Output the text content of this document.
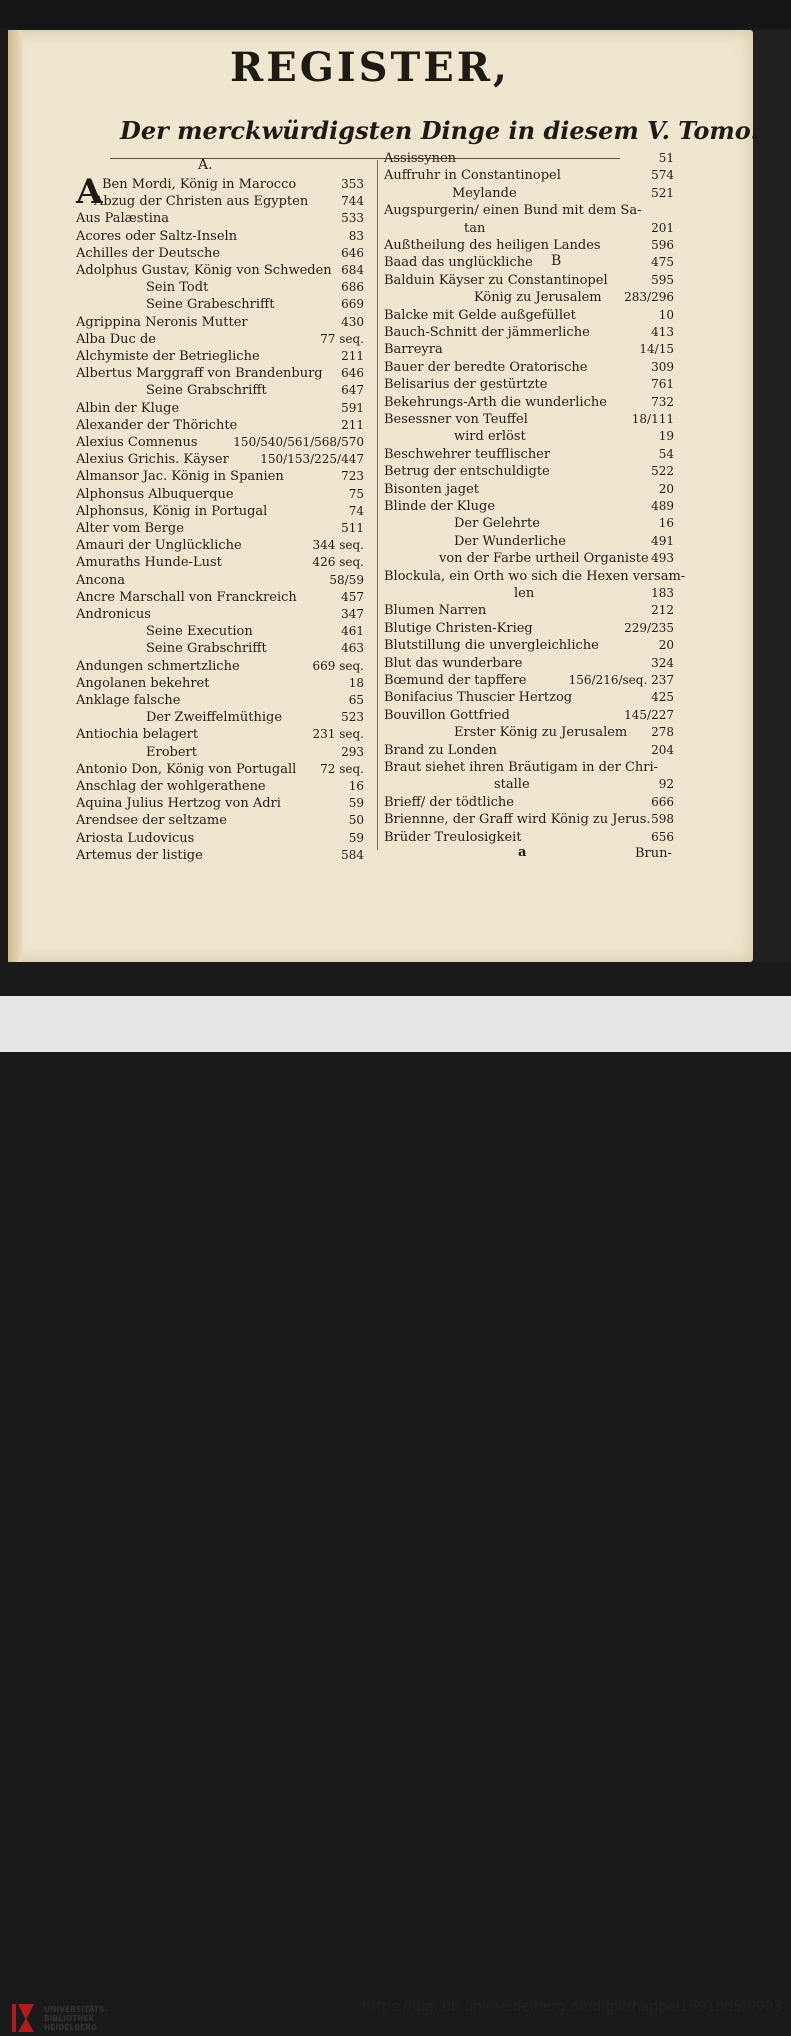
REGISTER,
Der merckwürdigsten Dinge in diesem V. Tomo.
A.
A Ben Mordi, König in Marocco	353
Abzug der Christen aus Egypten	744
Aus Palæstina	533
Acores oder Saltz-Inseln	83
Achilles der Deutsche	646
Adolphus Gustav, König von Schweden 684
Sein Todt	686
Seine Grabeschrifft	669
Agrippina Neronis Mutter	430
Alba Duc de	77 seq.
Alchymiste der Betriegliche	211
Albertus Marggraff von Brandenburg 646
Seine Grabschrifft	647
Albin der Kluge	591
Alexander der Thörichte	211
Alexius Comnenus	150/540/561/568/570
Alexius Grichis. Käyser	150/153/225/447
Almansor Jac. König in Spanien	723
Alphonsus Albuquerque	75
Alphonsus, König in Portugal	74
Alter vom Berge	511
Amauri der Unglückliche	344 seq.
Amuraths Hunde-Lust	426 seq.
Ancona	58/59
Ancre Marschall von Franckreich	457
Andronicus	347
Seine Execution	461
Seine Grabschrifft	463
Andungen schmertzliche	669 seq.
Angolanen bekehret	18
Anklage falsche	65
Der Zweiffelmüthige	523
Antiochia belagert	231 seq.
Erobert	293
Antonio Don, König von Portugall 72 seq.
Anschlag der wohlgerathene	16
Aquina Julius Hertzog von Adri	59
Arendsee der seltzame	50
Ariosta Ludovicus	59
Artemus der listige	584
Assissynen	51
Auffruhr in Constantinopel	574
Meylande	521
Augspurgerin/ einen Bund mit dem Sa-
tan	201
Außtheilung des heiligen Landes	596
Baad das unglückliche	475
Balduin Käyser zu Constantinopel	595
König zu Jerusalem 283/296
Balcke mit Gelde außgefüllet	10
Bauch-Schnitt der jämmerliche	413
Barreyra	14/15
Bauer der beredte Oratorische	309
Belisarius der gestürtzte	761
Bekehrungs-Arth die wunderliche	732
Besessner von Teuffel	18/111
wird erlöst	19
Beschwehrer teufflischer	54
Betrug der entschuldigte	522
Bisonten jaget	20
Blinde der Kluge	489
Der Gelehrte	16
Der Wunderliche	491
von der Farbe urtheil Organiste 493
Blockula, ein Orth wo sich die Hexen versam-
len	183
Blumen Narren	212
Blutige Christen-Krieg	229/235
Blutstillung die unvergleichliche	20
Blut das wunderbare	324
Bœmund der tapffere	156/216/seq. 237
Bonifacius Thuscier Hertzog	425
Bouvillon Gottfried	145/227
Erster König zu Jerusalem 278
Brand zu Londen	204
Braut siehet ihren Bräutigam in der Chri-
stalle	92
Brieff/ der tödtliche	666
Briennne, der Graff wird König zu Jerus. 598
Brüder Treulosigkeit	656
B
a	Brun-
UNIVERSITÄTS-
BIBLIOTHEK
HEIDELBERG
https://digi.ub.uni-heidelberg.de/diglit/happel1691bd5/0903
